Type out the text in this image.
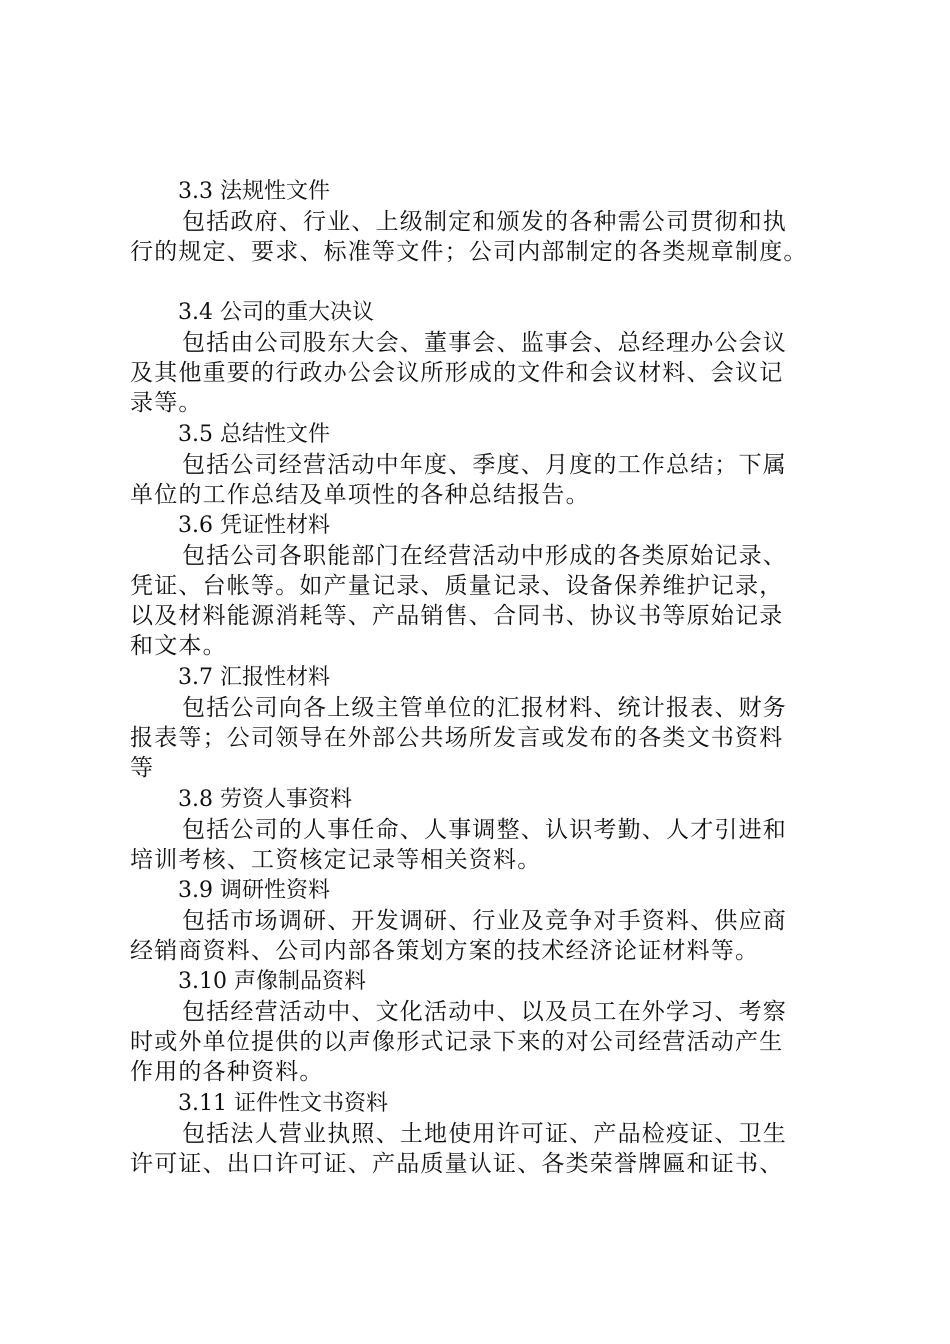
3.3 法规性文件
包括政府、行业、上级制定和颁发的各种需公司贯彻和执
行的规定、要求、标准等文件；公司内部制定的各类规章制度。
3.4 公司的重大决议
包括由公司股东大会、董事会、监事会、总经理办公会议
及其他重要的行政办公会议所形成的文件和会议材料、会议记
录等。
3.5 总结性文件
包括公司经营活动中年度、季度、月度的工作总结；下属
单位的工作总结及单项性的各种总结报告。
3.6 凭证性材料
包括公司各职能部门在经营活动中形成的各类原始记录、
凭证、台帐等。如产量记录、质量记录、设备保养维护记录，
以及材料能源消耗等、产品销售、合同书、协议书等原始记录
和文本。
3.7 汇报性材料
包括公司向各上级主管单位的汇报材料、统计报表、财务
报表等；公司领导在外部公共场所发言或发布的各类文书资料
等
3.8 劳资人事资料
包括公司的人事任命、人事调整、认识考勤、人才引进和
培训考核、工资核定记录等相关资料。
3.9 调研性资料
包括市场调研、开发调研、行业及竞争对手资料、供应商
经销商资料、公司内部各策划方案的技术经济论证材料等。
3.10 声像制品资料
包括经营活动中、文化活动中、以及员工在外学习、考察
时或外单位提供的以声像形式记录下来的对公司经营活动产生
作用的各种资料。
3.11 证件性文书资料
包括法人营业执照、土地使用许可证、产品检疫证、卫生
许可证、出口许可证、产品质量认证、各类荣誉牌匾和证书、
